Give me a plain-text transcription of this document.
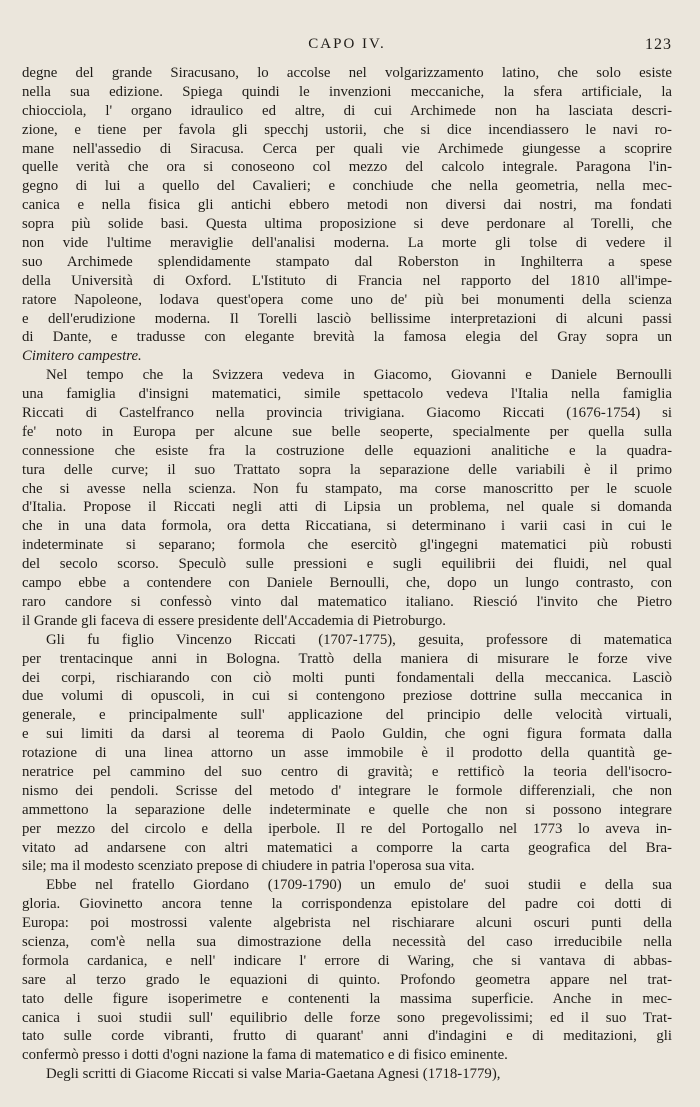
CAPO IV.	123

degne del grande Siracusano, lo accolse nel volgarizzamento latino, che solo esiste
nella sua edizione. Spiega quindi le invenzioni meccaniche, la sfera artificiale, la
chiocciola, l' organo idraulico ed altre, di cui Archimede non ha lasciata descri-
zione, e tiene per favola gli specchj ustorii, che si dice incendiassero le navi ro-
mane nell'assedio di Siracusa. Cerca per quali vie Archimede giungesse a scoprire
quelle verità che ora si conoseono col mezzo del calcolo integrale. Paragona l'in-
gegno di lui a quello del Cavalieri; e conchiude che nella geometria, nella mec-
canica e nella fisica gli antichi ebbero metodi non diversi dai nostri, ma fondati
sopra più solide basi. Questa ultima proposizione si deve perdonare al Torelli, che
non vide l'ultime meraviglie dell'analisi moderna. La morte gli tolse di vedere il
suo Archimede splendidamente stampato dal Roberston in Inghilterra a spese
della Università di Oxford. L'Istituto di Francia nel rapporto del 1810 all'impe-
ratore Napoleone, lodava quest'opera come uno de' più bei monumenti della scienza
e dell'erudizione moderna. Il Torelli lasciò bellissime interpretazioni di alcuni passi
di Dante, e tradusse con elegante brevità la famosa elegia del Gray sopra un
Cimitero campestre.

Nel tempo che la Svizzera vedeva in Giacomo, Giovanni e Daniele Bernoulli
una famiglia d'insigni matematici, simile spettacolo vedeva l'Italia nella famiglia
Riccati di Castelfranco nella provincia trivigiana. Giacomo Riccati (1676-1754) si
fe' noto in Europa per alcune sue belle seoperte, specialmente per quella sulla
connessione che esiste fra la costruzione delle equazioni analitiche e la quadra-
tura delle curve; il suo Trattato sopra la separazione delle variabili è il primo
che si avesse nella scienza. Non fu stampato, ma corse manoscritto per le scuole
d'Italia. Propose il Riccati negli atti di Lipsia un problema, nel quale si domanda
che in una data formola, ora detta Riccatiana, si determinano i varii casi in cui le
indeterminate si separano; formola che esercitò gl'ingegni matematici più robusti
del secolo scorso. Speculò sulle pressioni e sugli equilibrii dei fluidi, nel qual
campo ebbe a contendere con Daniele Bernoulli, che, dopo un lungo contrasto, con
raro candore si confessò vinto dal matematico italiano. Riesció l'invito che Pietro
il Grande gli faceva di essere presidente dell'Accademia di Pietroburgo.

Gli fu figlio Vincenzo Riccati (1707-1775), gesuita, professore di matematica
per trentacinque anni in Bologna. Trattò della maniera di misurare le forze vive
dei corpi, rischiarando con ciò molti punti fondamentali della meccanica. Lasciò
due volumi di opuscoli, in cui si contengono preziose dottrine sulla meccanica in
generale, e principalmente sull' applicazione del principio delle velocità virtuali,
e sui limiti da darsi al teorema di Paolo Guldin, che ogni figura formata dalla
rotazione di una linea attorno un asse immobile è il prodotto della quantità ge-
neratrice pel cammino del suo centro di gravità; e rettificò la teoria dell'isocro-
nismo dei pendoli. Scrisse del metodo d' integrare le formole differenziali, che non
ammettono la separazione delle indeterminate e quelle che non si possono integrare
per mezzo del circolo e della iperbole. Il re del Portogallo nel 1773 lo aveva in-
vitato ad andarsene con altri matematici a comporre la carta geografica del Bra-
sile; ma il modesto scenziato prepose di chiudere in patria l'operosa sua vita.

Ebbe nel fratello Giordano (1709-1790) un emulo de' suoi studii e della sua
gloria. Giovinetto ancora tenne la corrispondenza epistolare del padre coi dotti di
Europa: poi mostrossi valente algebrista nel rischiarare alcuni oscuri punti della
scienza, com'è nella sua dimostrazione della necessità del caso irreducibile nella
formola cardanica, e nell' indicare l' errore di Waring, che si vantava di abbas-
sare al terzo grado le equazioni di quinto. Profondo geometra appare nel trat-
tato delle figure isoperimetre e contenenti la massima superficie. Anche in mec-
canica i suoi studii sull' equilibrio delle forze sono pregevolissimi; ed il suo Trat-
tato sulle corde vibranti, frutto di quarant' anni d'indagini e di meditazioni, gli
confermò presso i dotti d'ogni nazione la fama di matematico e di fisico eminente.

Degli scritti di Giacome Riccati si valse Maria-Gaetana Agnesi (1718-1779),
